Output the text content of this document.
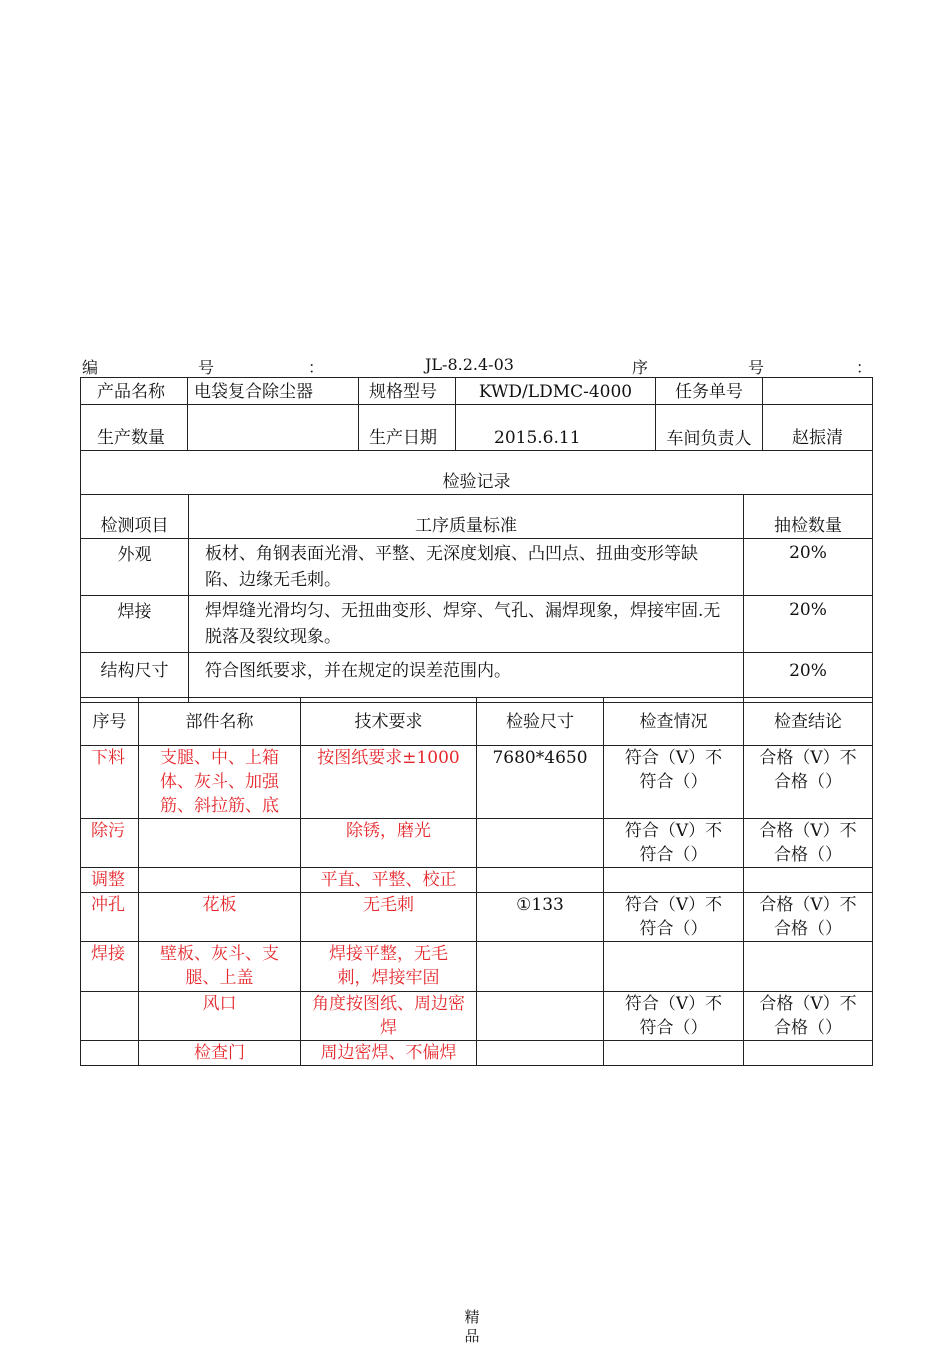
编	号	：	JL-8.2.4-03	序	号	：
产品名称	电袋复合除尘器	规格型号	KWD/LDMC-4000	任务单号	
生产数量		生产日期	2015.6.11	车间负责人	赵振清
检验记录					
检测项目	工序质量标准	抽检数量
外观	板材、角钢表面光滑、平整、无深度划痕、凸凹点、扭曲变形等缺陷、边缘无毛刺。	20%
焊接	焊焊缝光滑均匀、无扭曲变形、焊穿、气孔、漏焊现象，焊接牢固.无脱落及裂纹现象。	20%
结构尺寸	符合图纸要求，并在规定的误差范围内。	20%
序号	部件名称	技术要求	检验尺寸	检查情况	检查结论
下料	支腿、中、上箱体、灰斗、加强筋、斜拉筋、底	按图纸要求±1000	7680*4650	符合（V）不符合（）	合格（V）不合格（）
除污		除锈，磨光		符合（V）不符合（）	合格（V）不合格（）
调整		平直、平整、校正			
冲孔	花板	无毛刺	①133	符合（V）不符合（）	合格（V）不合格（）
焊接	壁板、灰斗、支腿、上盖	焊接平整，无毛刺，焊接牢固			
	风口	角度按图纸、周边密焊		符合（V）不符合（）	合格（V）不合格（）
	检查门	周边密焊、不偏焊			
精
品
